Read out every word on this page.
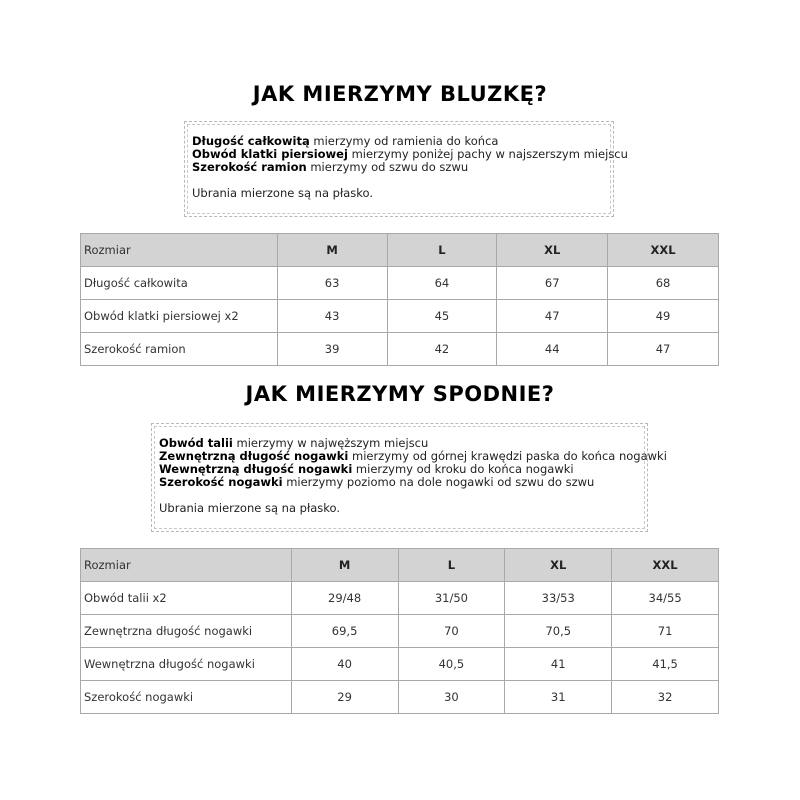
JAK MIERZYMY BLUZKĘ?
Długość całkowitą mierzymy od ramienia do końca
Obwód klatki piersiowej mierzymy poniżej pachy w najszerszym miejscu
Szerokość ramion mierzymy od szwu do szwu
Ubrania mierzone są na płasko.
Rozmiar	M	L	XL	XXL
Długość całkowita	63	64	67	68
Obwód klatki piersiowej x2	43	45	47	49
Szerokość ramion	39	42	44	47
JAK MIERZYMY SPODNIE?
Obwód talii mierzymy w najwęższym miejscu
Zewnętrzną długość nogawki mierzymy od górnej krawędzi paska do końca nogawki
Wewnętrzną długość nogawki mierzymy od kroku do końca nogawki
Szerokość nogawki mierzymy poziomo na dole nogawki od szwu do szwu
Ubrania mierzone są na płasko.
Rozmiar	M	L	XL	XXL
Obwód talii x2	29/48	31/50	33/53	34/55
Zewnętrzna długość nogawki	69,5	70	70,5	71
Wewnętrzna długość nogawki	40	40,5	41	41,5
Szerokość nogawki	29	30	31	32
